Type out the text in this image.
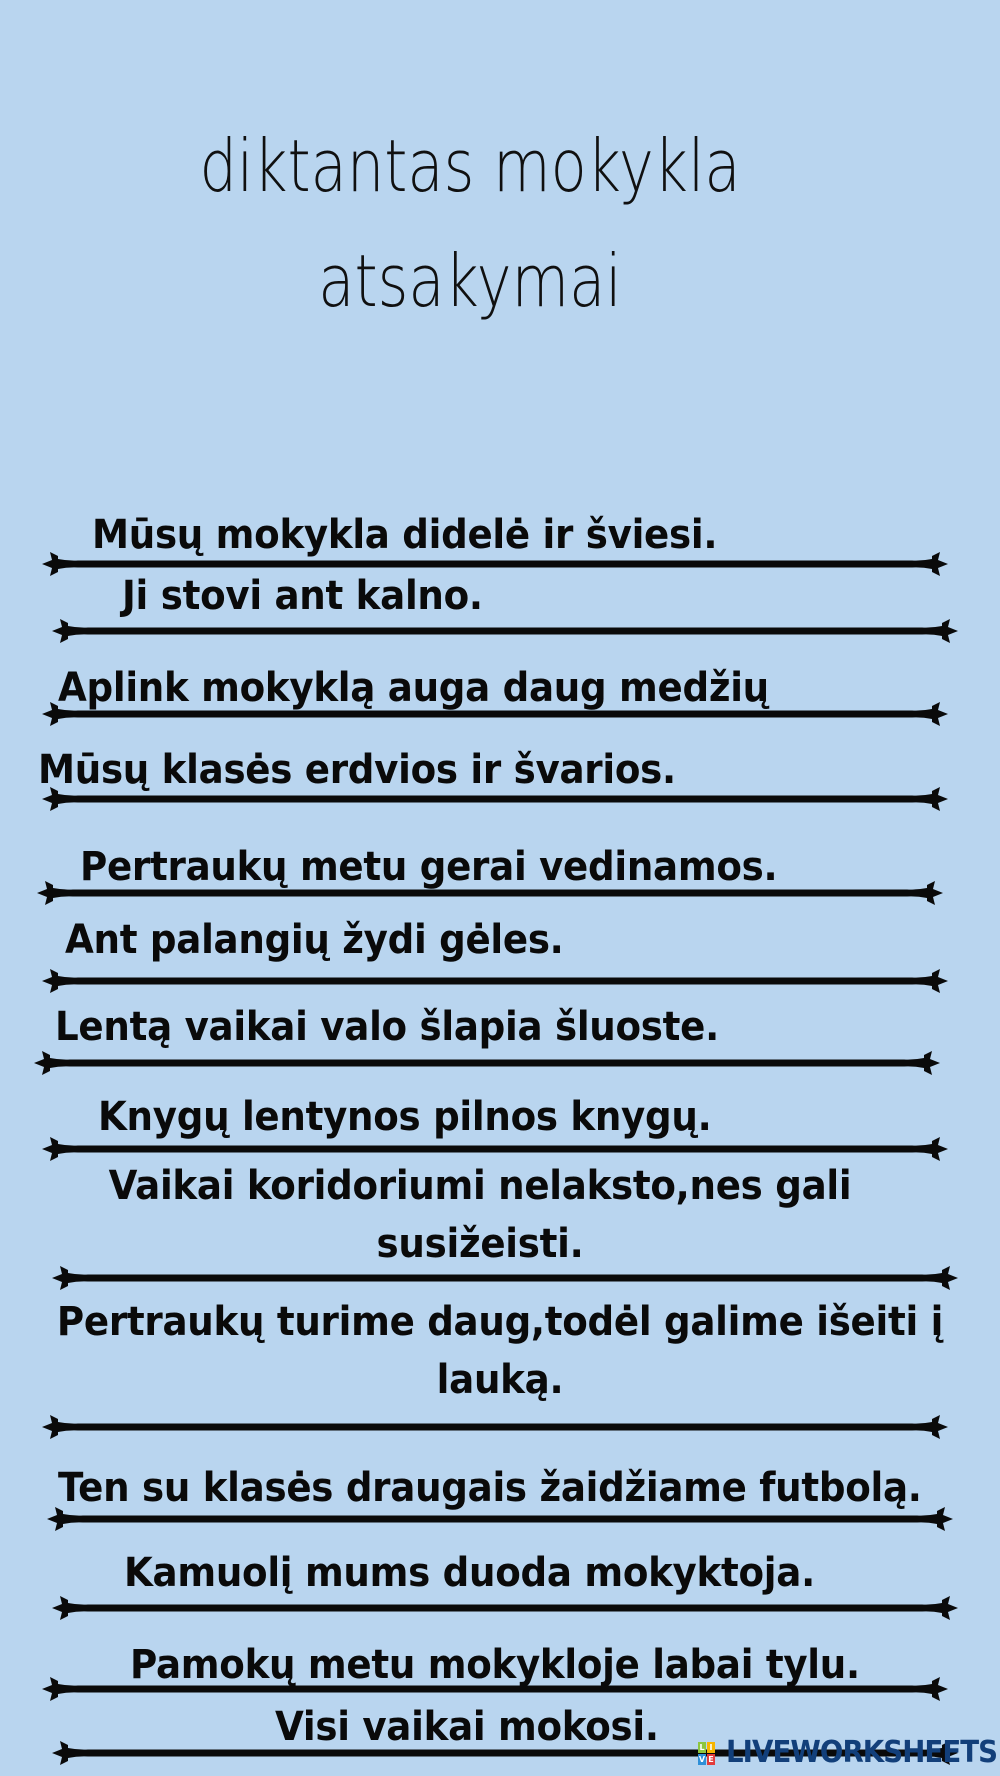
diktantas mokykla
atsakymai

Mūsų mokykla didelė ir šviesi.

Ji stovi ant kalno.

Aplink mokyklą auga daug medžių

Mūsų klasės erdvios ir švarios.

Pertraukų metu gerai vedinamos.

Ant palangių žydi gėles.

Lentą vaikai valo šlapia šluoste.

Knygų lentynos pilnos knygų.

Vaikai koridoriumi nelaksto,nes gali
susižeisti.
Pertraukų turime daug,todėl galime išeiti į
lauką.

Ten su klasės draugais žaidžiame futbolą.

Kamuolį mums duoda mokyktoja.

Pamokų metu mokykloje labai tylu.

Visi vaikai mokosi.	L I
V E LIVEWORKSHEETS
